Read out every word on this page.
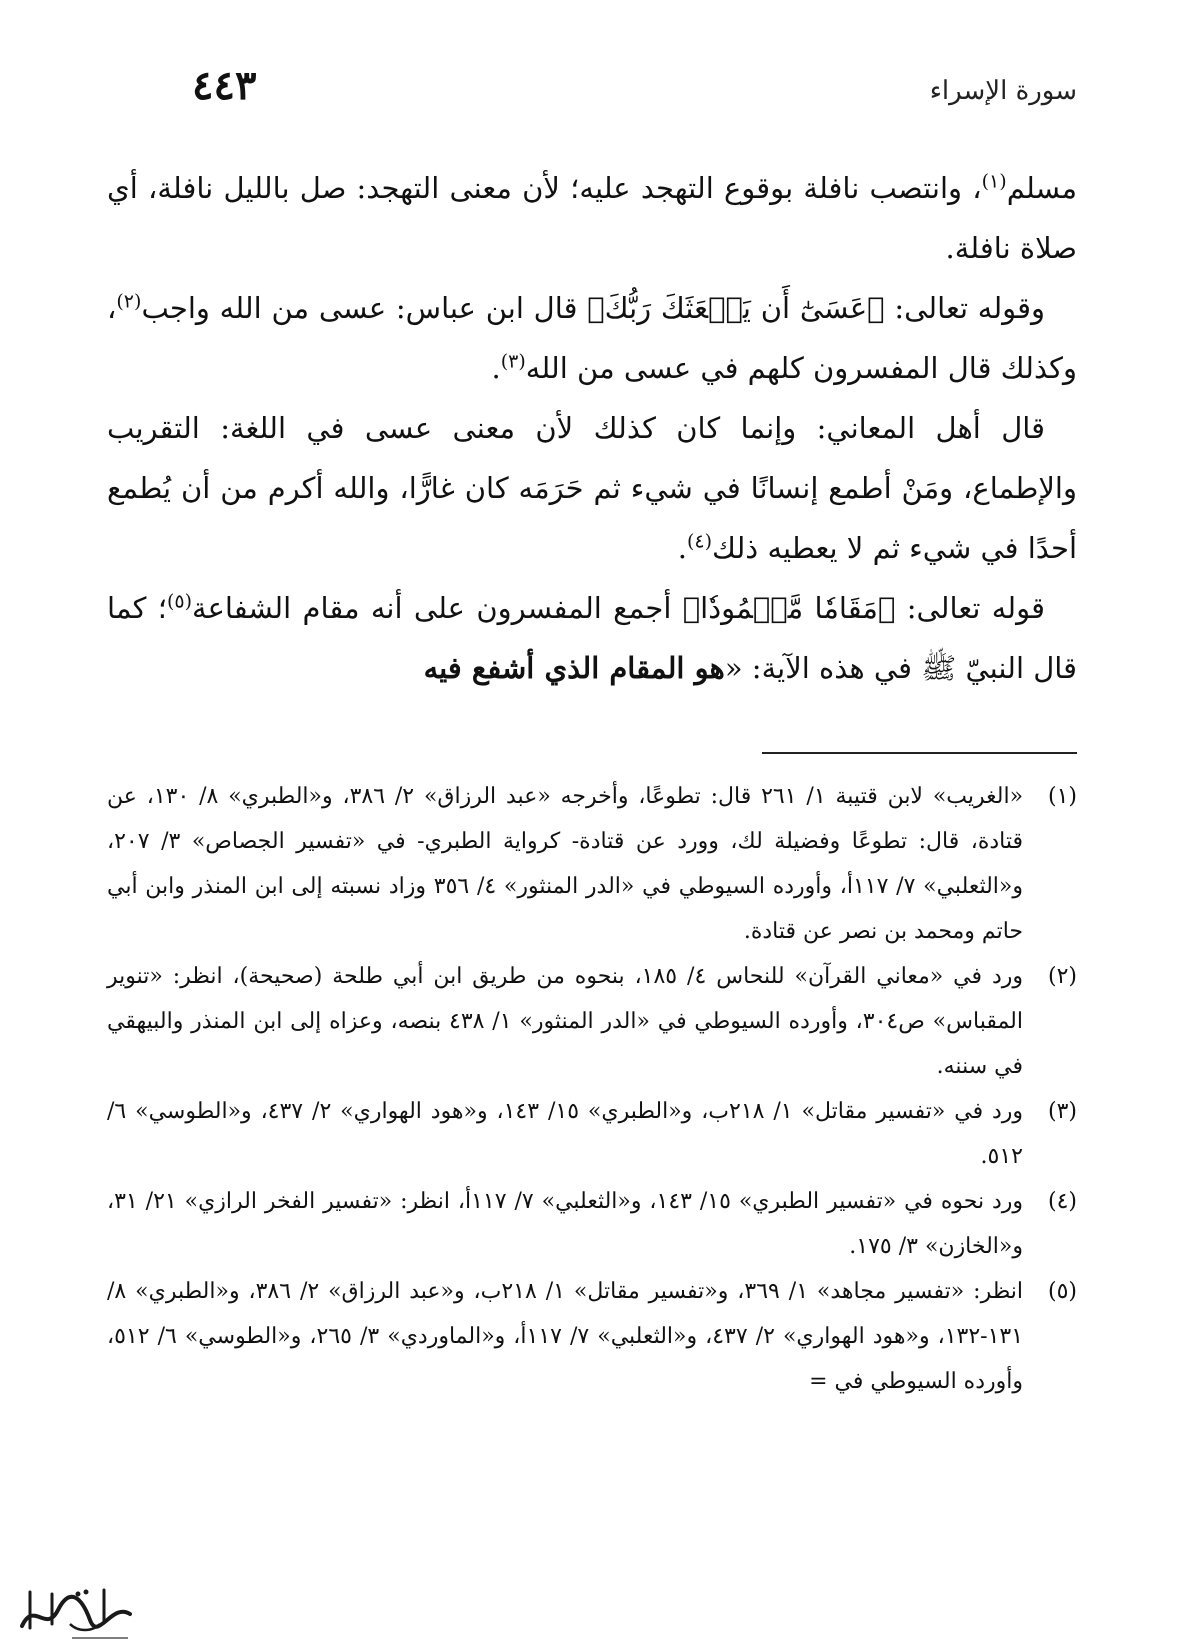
سورة الإسراء
٤٤٣

مسلم$^{(١)}$، وانتصب نافلة بوقوع التهجد عليه؛ لأن معنى التهجد: صل بالليل نافلة، أي صلاة نافلة.

وقوله تعالى: ﴿عَسَىٰٓ أَن يَبۡعَثَكَ رَبُّكَ﴾ قال ابن عباس: عسى من الله واجب$^{(٢)}$، وكذلك قال المفسرون كلهم في عسى من الله$^{(٣)}$.

قال أهل المعاني: وإنما كان كذلك لأن معنى عسى في اللغة: التقريب والإطماع، ومَنْ أطمع إنسانًا في شيء ثم حَرَمَه كان غارًّا، والله أكرم من أن يُطمع أحدًا في شيء ثم لا يعطيه ذلك$^{(٤)}$.

قوله تعالى: ﴿مَقَامٗا مَّحۡمُودٗا﴾ أجمع المفسرون على أنه مقام الشفاعة$^{(٥)}$؛ كما قال النبيّ ﷺ في هذه الآية: «هو المقام الذي أشفع فيه

(١)
«الغريب» لابن قتيبة ١/ ٢٦١ قال: تطوعًا، وأخرجه «عبد الرزاق» ٢/ ٣٨٦، و«الطبري» ٨/ ١٣٠، عن قتادة، قال: تطوعًا وفضيلة لك، وورد عن قتادة- كرواية الطبري- في «تفسير الجصاص» ٣/ ٢٠٧، و«الثعلبي» ٧/ ١١٧أ، وأورده السيوطي في «الدر المنثور» ٤/ ٣٥٦ وزاد نسبته إلى ابن المنذر وابن أبي حاتم ومحمد بن نصر عن قتادة.
(٢)
ورد في «معاني القرآن» للنحاس ٤/ ١٨٥، بنحوه من طريق ابن أبي طلحة (صحيحة)، انظر: «تنوير المقباس» ص٣٠٤، وأورده السيوطي في «الدر المنثور» ١/ ٤٣٨ بنصه، وعزاه إلى ابن المنذر والبيهقي في سننه.
(٣)
ورد في «تفسير مقاتل» ١/ ٢١٨ب، و«الطبري» ١٥/ ١٤٣، و«هود الهواري» ٢/ ٤٣٧، و«الطوسي» ٦/ ٥١٢.
(٤)
ورد نحوه في «تفسير الطبري» ١٥/ ١٤٣، و«الثعلبي» ٧/ ١١٧أ، انظر: «تفسير الفخر الرازي» ٢١/ ٣١، و«الخازن» ٣/ ١٧٥.
(٥)
انظر: «تفسير مجاهد» ١/ ٣٦٩، و«تفسير مقاتل» ١/ ٢١٨ب، و«عبد الرزاق» ٢/ ٣٨٦، و«الطبري» ٨/ ١٣١-١٣٢، و«هود الهواري» ٢/ ٤٣٧، و«الثعلبي» ٧/ ١١٧أ، و«الماوردي» ٣/ ٢٦٥، و«الطوسي» ٦/ ٥١٢، وأورده السيوطي في =
